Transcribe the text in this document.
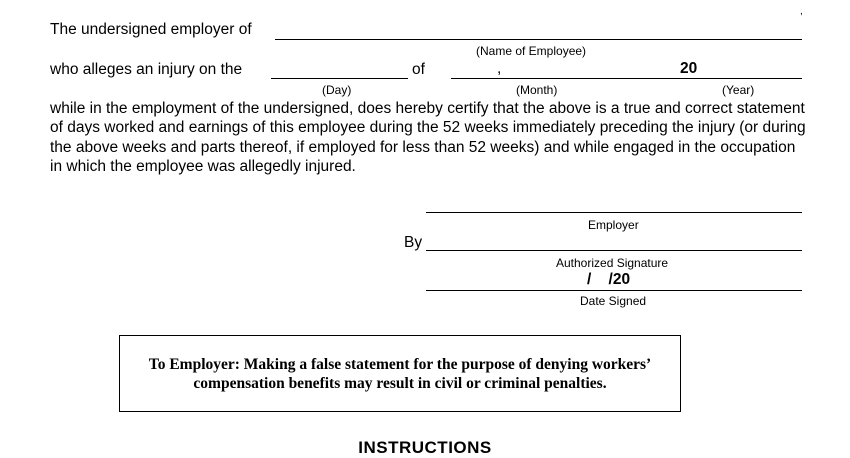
The undersigned employer of
,
(Name of Employee)
who alleges an injury on the	of	,	20
(Day)	(Month)	(Year)
while in the employment of the undersigned, does hereby certify that the above is a true and correct statement of days worked and earnings of this employee during the 52 weeks immediately preceding the injury (or during the above weeks and parts thereof, if employed for less than 52 weeks) and while engaged in the occupation in which the employee was allegedly injured.
Employer
By
Authorized Signature
/    /20
Date Signed
To Employer: Making a false statement for the purpose of denying workers’
compensation benefits may result in civil or criminal penalties.
INSTRUCTIONS
